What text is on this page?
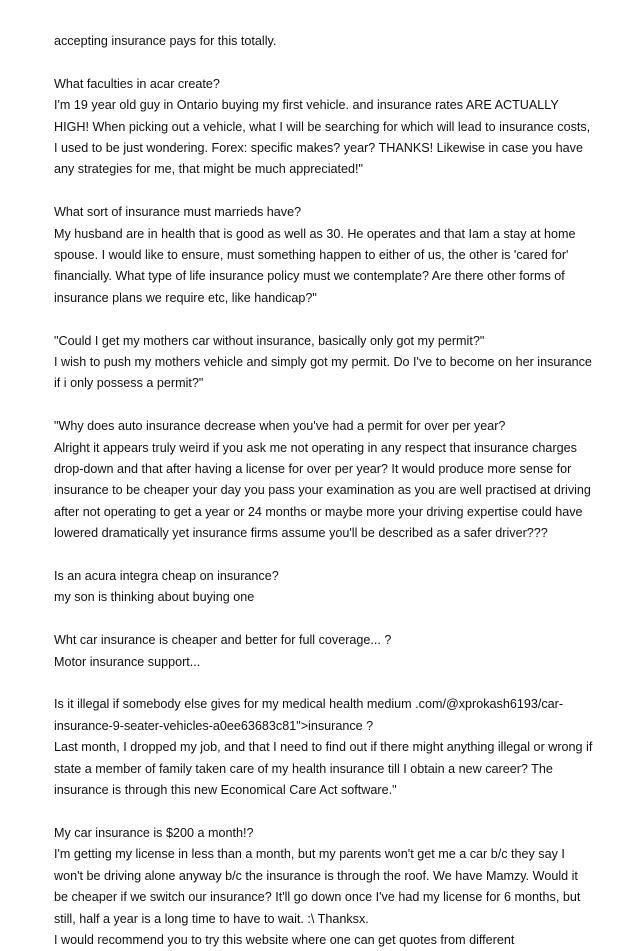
accepting insurance pays for this totally.

What faculties in acar create?

I'm 19 year old guy in Ontario buying my first vehicle. and insurance rates ARE ACTUALLY HIGH! When picking out a vehicle, what I will be searching for which will lead to insurance costs, I used to be just wondering. Forex: specific makes? year? THANKS! Likewise in case you have any strategies for me, that might be much appreciated!"

What sort of insurance must marrieds have?

My husband are in health that is good as well as 30. He operates and that Iam a stay at home spouse. I would like to ensure, must something happen to either of us, the other is 'cared for' financially. What type of life insurance policy must we contemplate? Are there other forms of insurance plans we require etc, like handicap?"

"Could I get my mothers car without insurance, basically only got my permit?"

I wish to push my mothers vehicle and simply got my permit. Do I've to become on her insurance if i only possess a permit?"

"Why does auto insurance decrease when you've had a permit for over per year?

Alright it appears truly weird if you ask me not operating in any respect that insurance charges drop-down and that after having a license for over per year? It would produce more sense for insurance to be cheaper your day you pass your examination as you are well practised at driving after not operating to get a year or 24 months or maybe more your driving expertise could have lowered dramatically yet insurance firms assume you'll be described as a safer driver???

Is an acura integra cheap on insurance?

my son is thinking about buying one

Wht car insurance is cheaper and better for full coverage... ?

Motor insurance support...

Is it illegal if somebody else gives for my medical health medium .com/@xprokash6193/car-insurance-9-seater-vehicles-a0ee63683c81">insurance ?

Last month, I dropped my job, and that I need to find out if there might anything illegal or wrong if state a member of family taken care of my health insurance till I obtain a new career? The insurance is through this new Economical Care Act software."

My car insurance is $200 a month!?

I'm getting my license in less than a month, but my parents won't get me a car b/c they say I won't be driving alone anyway b/c the insurance is through the roof. We have Mamzy. Would it be cheaper if we switch our insurance? It'll go down once I've had my license for 6 months, but still, half a year is a long time to have to wait. :\ Thanksx.

I would recommend you to try this website where one can get quotes from different
